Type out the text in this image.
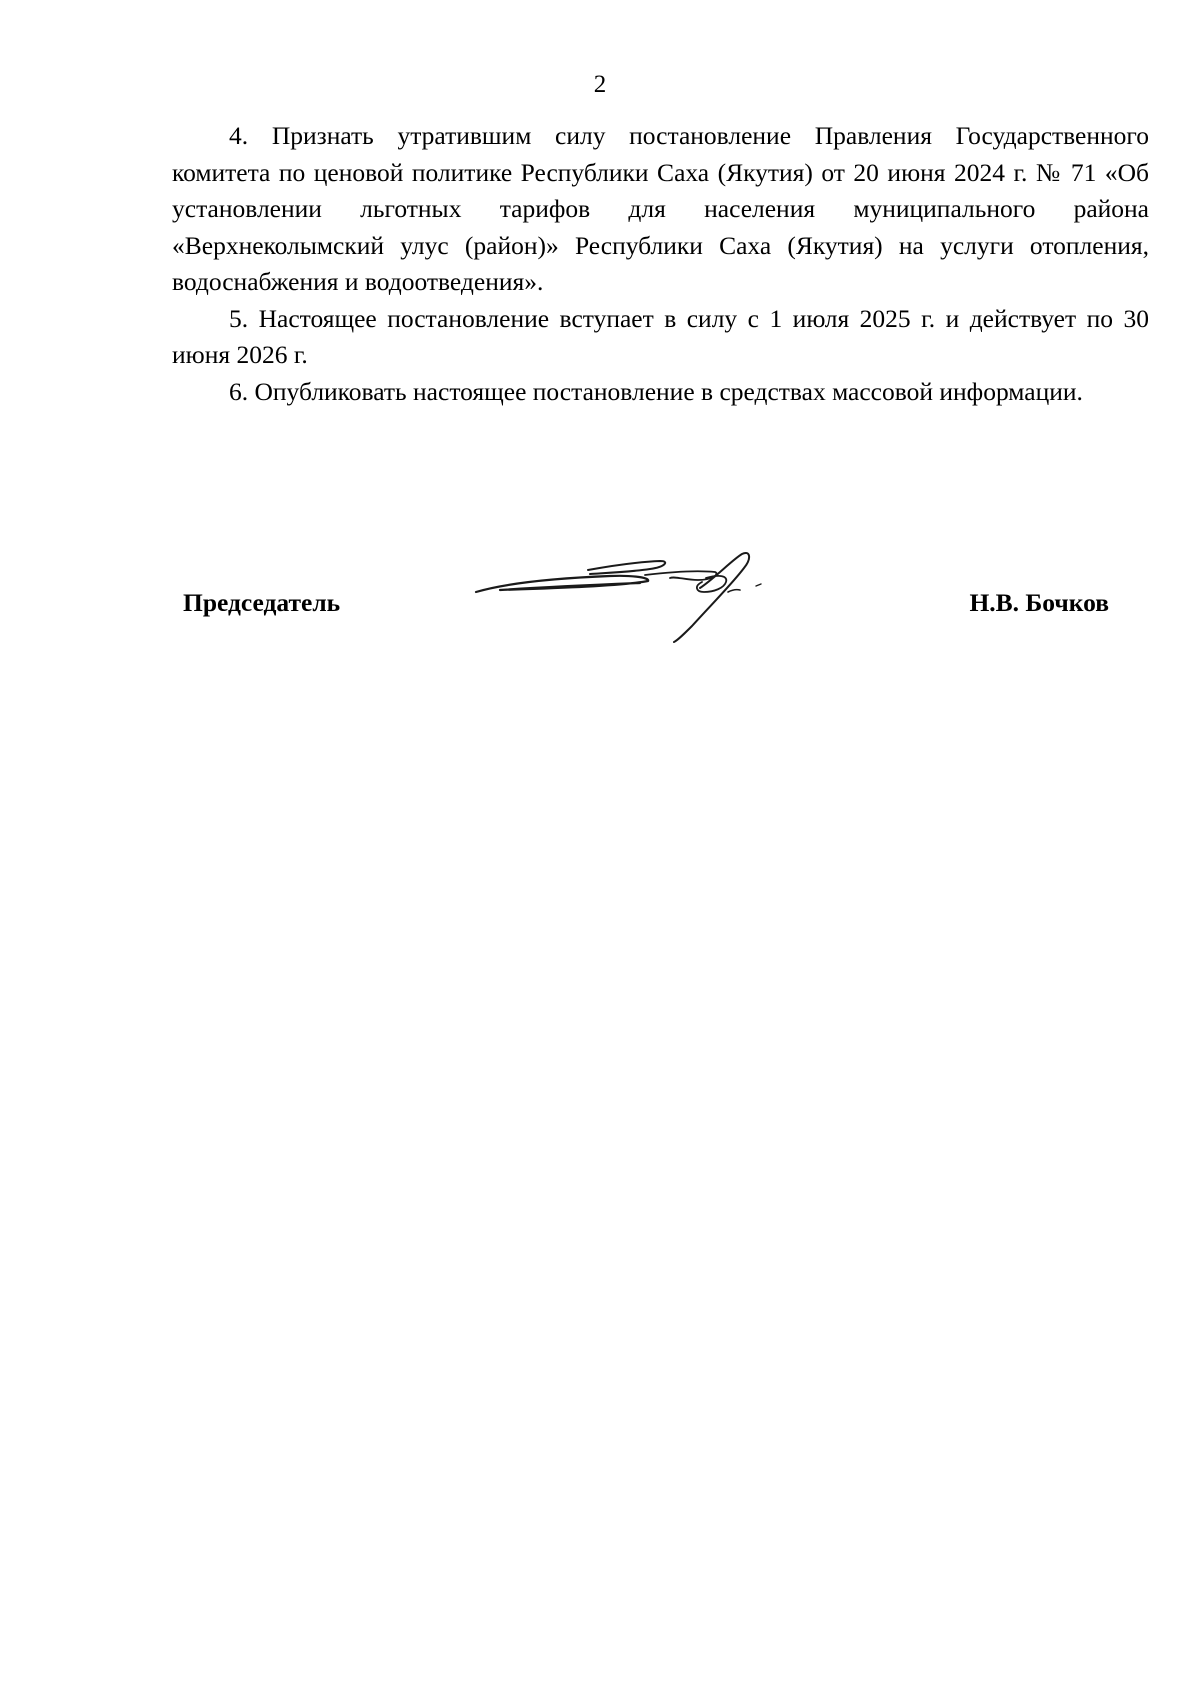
2

4. Признать утратившим силу постановление Правления Государственного комитета по ценовой политике Республики Саха (Якутия) от 20 июня 2024 г. № 71 «Об установлении льготных тарифов для населения муниципального района «Верхнеколымский улус (район)» Республики Саха (Якутия) на услуги отопления, водоснабжения и водоотведения».

5. Настоящее постановление вступает в силу с 1 июля 2025 г. и действует по 30 июня 2026 г.

6. Опубликовать настоящее постановление в средствах массовой информации.

Председатель	Н.В. Бочков
